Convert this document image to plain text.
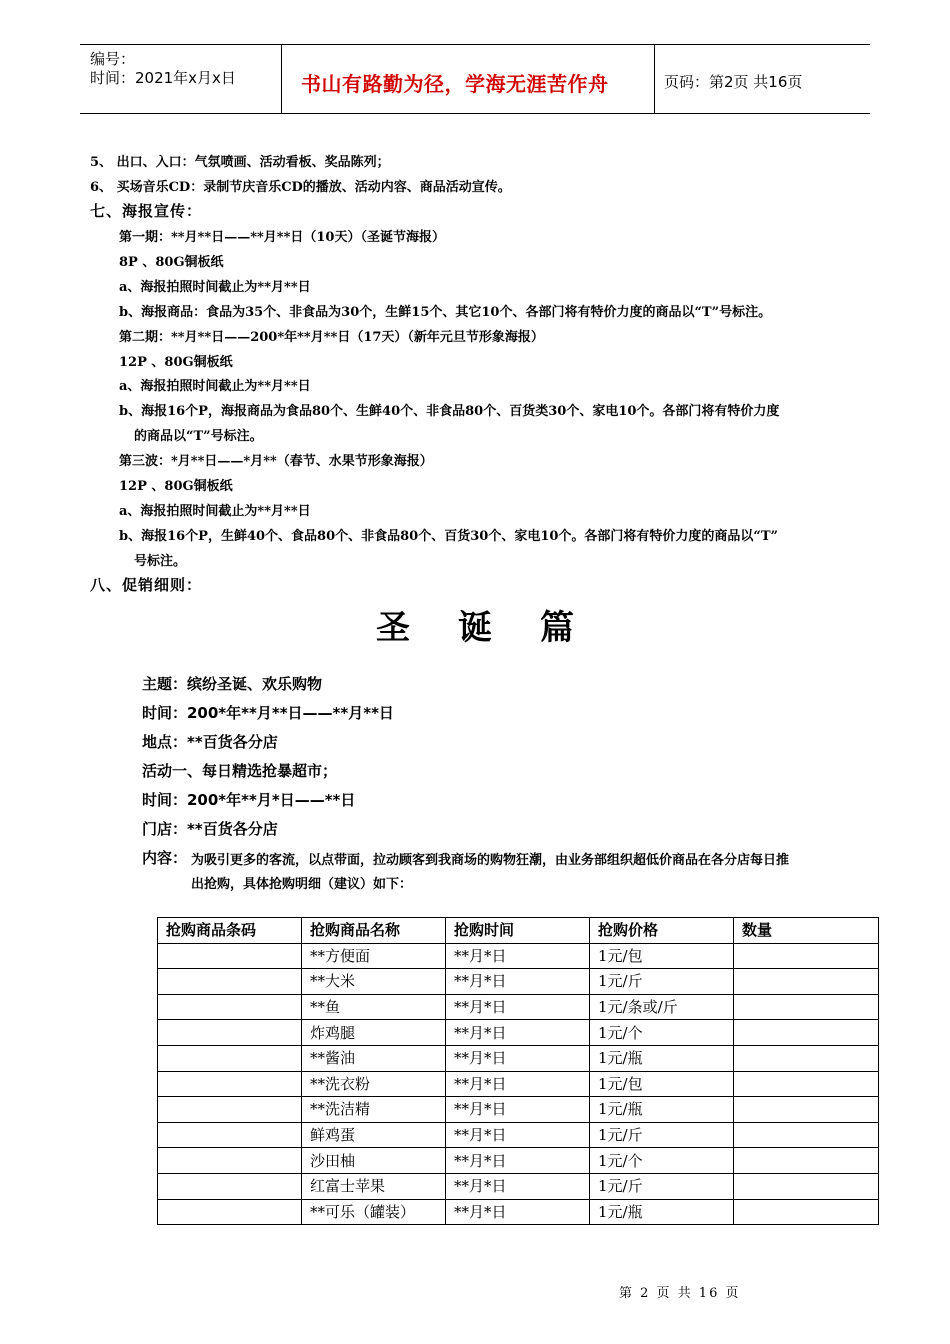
编号：
时间：2021年x月x日	书山有路勤为径，学海无涯苦作舟	页码：第2页 共16页
5、 出口、入口：气氛喷画、活动看板、奖品陈列；
6、 买场音乐CD：录制节庆音乐CD的播放、活动内容、商品活动宣传。
七、海报宣传：
第一期：**月**日——**月**日（10天）（圣诞节海报）
8P 、80G铜板纸
a、海报拍照时间截止为**月**日
b、海报商品：食品为35个、非食品为30个，生鲜15个、其它10个、各部门将有特价力度的商品以“T”号标注。
第二期：**月**日——200*年**月**日（17天）（新年元旦节形象海报）
12P 、80G铜板纸
a、海报拍照时间截止为**月**日
b、海报16个P，海报商品为食品80个、生鲜40个、非食品80个、百货类30个、家电10个。各部门将有特价力度
的商品以“T”号标注。
第三波：*月**日——*月**（春节、水果节形象海报）
12P 、80G铜板纸
a、海报拍照时间截止为**月**日
b、海报16个P，生鲜40个、食品80个、非食品80个、百货30个、家电10个。各部门将有特价力度的商品以“T”
号标注。
八、促销细则：
圣诞篇
主题：缤纷圣诞、欢乐购物
时间：200*年**月**日——**月**日
地点：**百货各分店
活动一、每日精选抢暴超市；
时间：200*年**月*日——**日
门店：**百货各分店
内容： 为吸引更多的客流，以点带面，拉动顾客到我商场的购物狂潮，由业务部组织超低价商品在各分店每日推
出抢购，具体抢购明细（建议）如下：
抢购商品条码	抢购商品名称	抢购时间	抢购价格	数量
	**方便面	**月*日	1元/包	
	**大米	**月*日	1元/斤	
	**鱼	**月*日	1元/条或/斤	
	炸鸡腿	**月*日	1元/个	
	**酱油	**月*日	1元/瓶	
	**洗衣粉	**月*日	1元/包	
	**洗洁精	**月*日	1元/瓶	
	鲜鸡蛋	**月*日	1元/斤	
	沙田柚	**月*日	1元/个	
	红富士苹果	**月*日	1元/斤	
	**可乐（罐装）	**月*日	1元/瓶	
第 2 页 共 16 页
